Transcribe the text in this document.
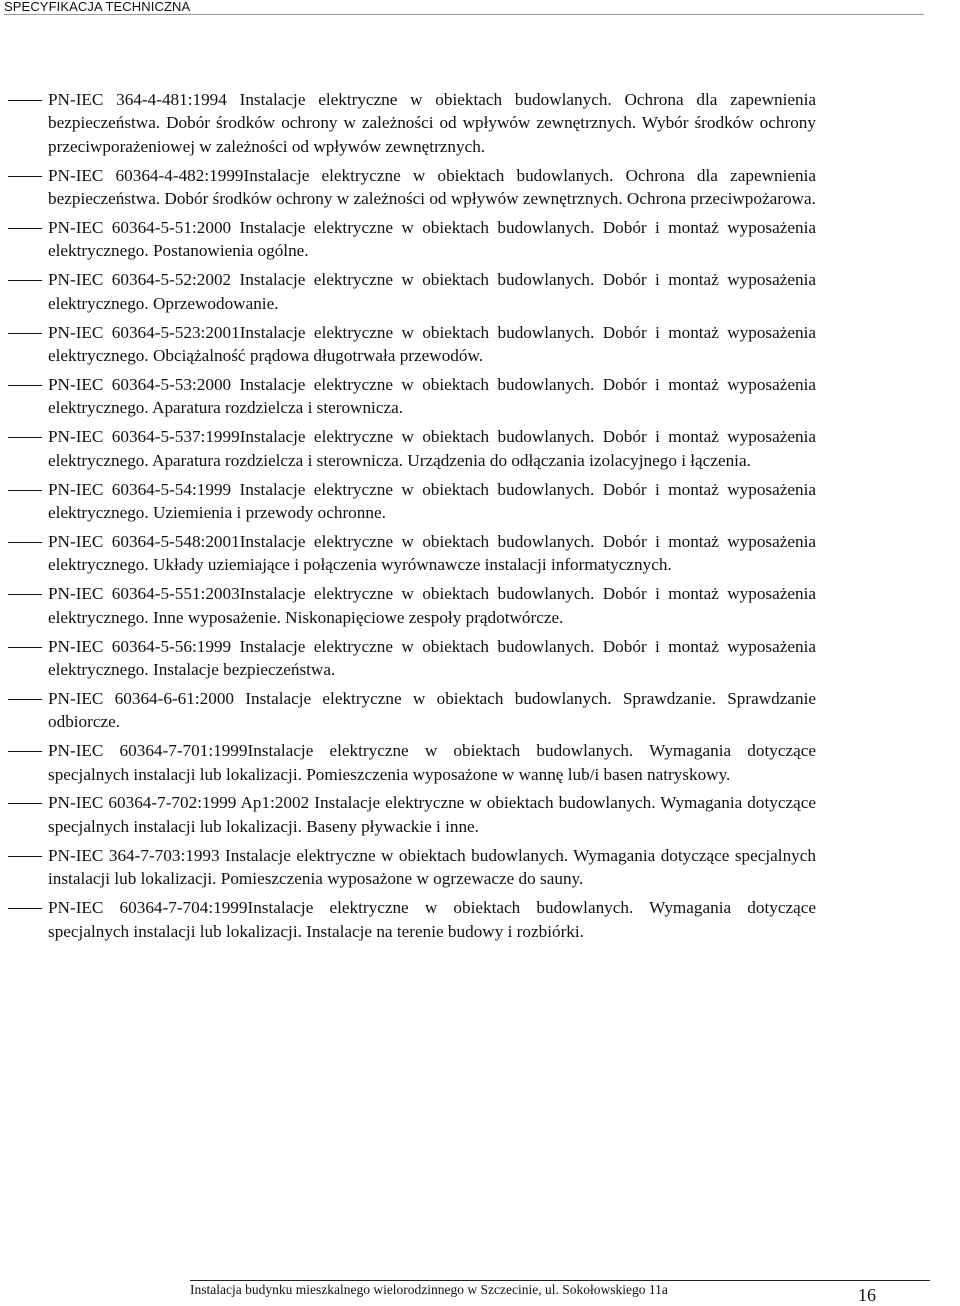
SPECYFIKACJA TECHNICZNA
PN-IEC 364-4-481:1994 Instalacje elektryczne w obiektach budowlanych. Ochrona dla zapewnienia bezpieczeństwa. Dobór środków ochrony w zależności od wpływów zewnętrznych. Wybór środków ochrony przeciwporażeniowej w zależności od wpływów zewnętrznych.
PN-IEC 60364-4-482:1999Instalacje elektryczne w obiektach budowlanych. Ochrona dla zapewnienia bezpieczeństwa. Dobór środków ochrony w zależności od wpływów zewnętrznych. Ochrona przeciwpożarowa.
PN-IEC 60364-5-51:2000 Instalacje elektryczne w obiektach budowlanych. Dobór i montaż wyposażenia elektrycznego. Postanowienia ogólne.
PN-IEC 60364-5-52:2002 Instalacje elektryczne w obiektach budowlanych. Dobór i montaż wyposażenia elektrycznego. Oprzewodowanie.
PN-IEC 60364-5-523:2001Instalacje elektryczne w obiektach budowlanych. Dobór i montaż wyposażenia elektrycznego. Obciążalność prądowa długotrwała przewodów.
PN-IEC 60364-5-53:2000 Instalacje elektryczne w obiektach budowlanych. Dobór i montaż wyposażenia elektrycznego. Aparatura rozdzielcza i sterownicza.
PN-IEC 60364-5-537:1999Instalacje elektryczne w obiektach budowlanych. Dobór i montaż wyposażenia elektrycznego. Aparatura rozdzielcza i sterownicza. Urządzenia do odłączania izolacyjnego i łączenia.
PN-IEC 60364-5-54:1999 Instalacje elektryczne w obiektach budowlanych. Dobór i montaż wyposażenia elektrycznego. Uziemienia i przewody ochronne.
PN-IEC 60364-5-548:2001Instalacje elektryczne w obiektach budowlanych. Dobór i montaż wyposażenia elektrycznego. Układy uziemiające i połączenia wyrównawcze instalacji informatycznych.
PN-IEC 60364-5-551:2003Instalacje elektryczne w obiektach budowlanych. Dobór i montaż wyposażenia elektrycznego. Inne wyposażenie. Niskonapięciowe zespoły prądotwórcze.
PN-IEC 60364-5-56:1999 Instalacje elektryczne w obiektach budowlanych. Dobór i montaż wyposażenia elektrycznego. Instalacje bezpieczeństwa.
PN-IEC 60364-6-61:2000 Instalacje elektryczne w obiektach budowlanych. Sprawdzanie. Sprawdzanie odbiorcze.
PN-IEC 60364-7-701:1999Instalacje elektryczne w obiektach budowlanych. Wymagania dotyczące specjalnych instalacji lub lokalizacji. Pomieszczenia wyposażone w wannę lub/i basen natryskowy.
PN-IEC 60364-7-702:1999 Ap1:2002 Instalacje elektryczne w obiektach budowlanych. Wymagania dotyczące specjalnych instalacji lub lokalizacji. Baseny pływackie i inne.
PN-IEC 364-7-703:1993 Instalacje elektryczne w obiektach budowlanych. Wymagania dotyczące specjalnych instalacji lub lokalizacji. Pomieszczenia wyposażone w ogrzewacze do sauny.
PN-IEC 60364-7-704:1999Instalacje elektryczne w obiektach budowlanych. Wymagania dotyczące specjalnych instalacji lub lokalizacji. Instalacje na terenie budowy i rozbiórki.
Instalacja budynku mieszkalnego wielorodzinnego w Szczecinie, ul. Sokołowskiego 11a	16
